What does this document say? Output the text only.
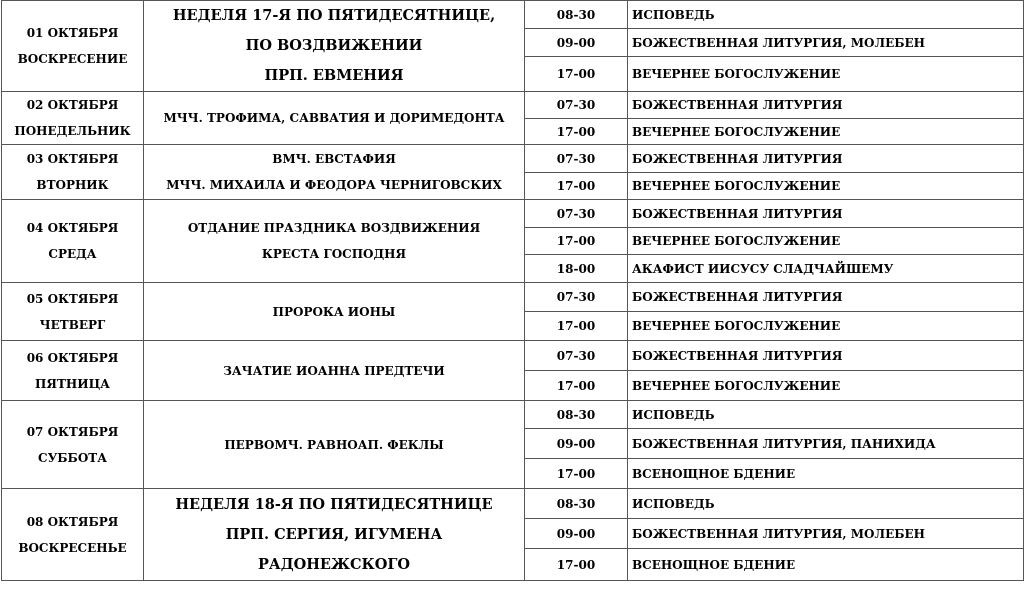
01 ОКТЯБРЯ
ВОСКРЕСЕНИЕ	НЕДЕЛЯ 17-Я ПО ПЯТИДЕСЯТНИЦЕ,
ПО ВОЗДВИЖЕНИИ
ПРП. ЕВМЕНИЯ	08-30	ИСПОВЕДЬ
		09-00	БОЖЕСТВЕННАЯ ЛИТУРГИЯ, МОЛЕБЕН
		17-00	ВЕЧЕРНЕЕ БОГОСЛУЖЕНИЕ

02 ОКТЯБРЯ
ПОНЕДЕЛЬНИК	МЧЧ. ТРОФИМА, САВВАТИЯ И ДОРИМЕДОНТА	07-30	БОЖЕСТВЕННАЯ ЛИТУРГИЯ
		17-00	ВЕЧЕРНЕЕ БОГОСЛУЖЕНИЕ

03 ОКТЯБРЯ
ВТОРНИК	ВМЧ. ЕВСТАФИЯ
МЧЧ. МИХАИЛА И ФЕОДОРА ЧЕРНИГОВСКИХ	07-30	БОЖЕСТВЕННАЯ ЛИТУРГИЯ
		17-00	ВЕЧЕРНЕЕ БОГОСЛУЖЕНИЕ

04 ОКТЯБРЯ
СРЕДА	ОТДАНИЕ ПРАЗДНИКА ВОЗДВИЖЕНИЯ
КРЕСТА ГОСПОДНЯ	07-30	БОЖЕСТВЕННАЯ ЛИТУРГИЯ
		17-00	ВЕЧЕРНЕЕ БОГОСЛУЖЕНИЕ
		18-00	АКАФИСТ ИИСУСУ СЛАДЧАЙШЕМУ

05 ОКТЯБРЯ
ЧЕТВЕРГ	ПРОРОКА ИОНЫ	07-30	БОЖЕСТВЕННАЯ ЛИТУРГИЯ
		17-00	ВЕЧЕРНЕЕ БОГОСЛУЖЕНИЕ

06 ОКТЯБРЯ
ПЯТНИЦА	ЗАЧАТИЕ ИОАННА ПРЕДТЕЧИ	07-30	БОЖЕСТВЕННАЯ ЛИТУРГИЯ
		17-00	ВЕЧЕРНЕЕ БОГОСЛУЖЕНИЕ

07 ОКТЯБРЯ
СУББОТА	ПЕРВОМЧ. РАВНОАП. ФЕКЛЫ	08-30	ИСПОВЕДЬ
		09-00	БОЖЕСТВЕННАЯ ЛИТУРГИЯ, ПАНИХИДА
		17-00	ВСЕНОЩНОЕ БДЕНИЕ

08 ОКТЯБРЯ
ВОСКРЕСЕНЬЕ	НЕДЕЛЯ 18-Я ПО ПЯТИДЕСЯТНИЦЕ
ПРП. СЕРГИЯ, ИГУМЕНА
РАДОНЕЖСКОГО	08-30	ИСПОВЕДЬ
		09-00	БОЖЕСТВЕННАЯ ЛИТУРГИЯ, МОЛЕБЕН
		17-00	ВСЕНОЩНОЕ БДЕНИЕ
